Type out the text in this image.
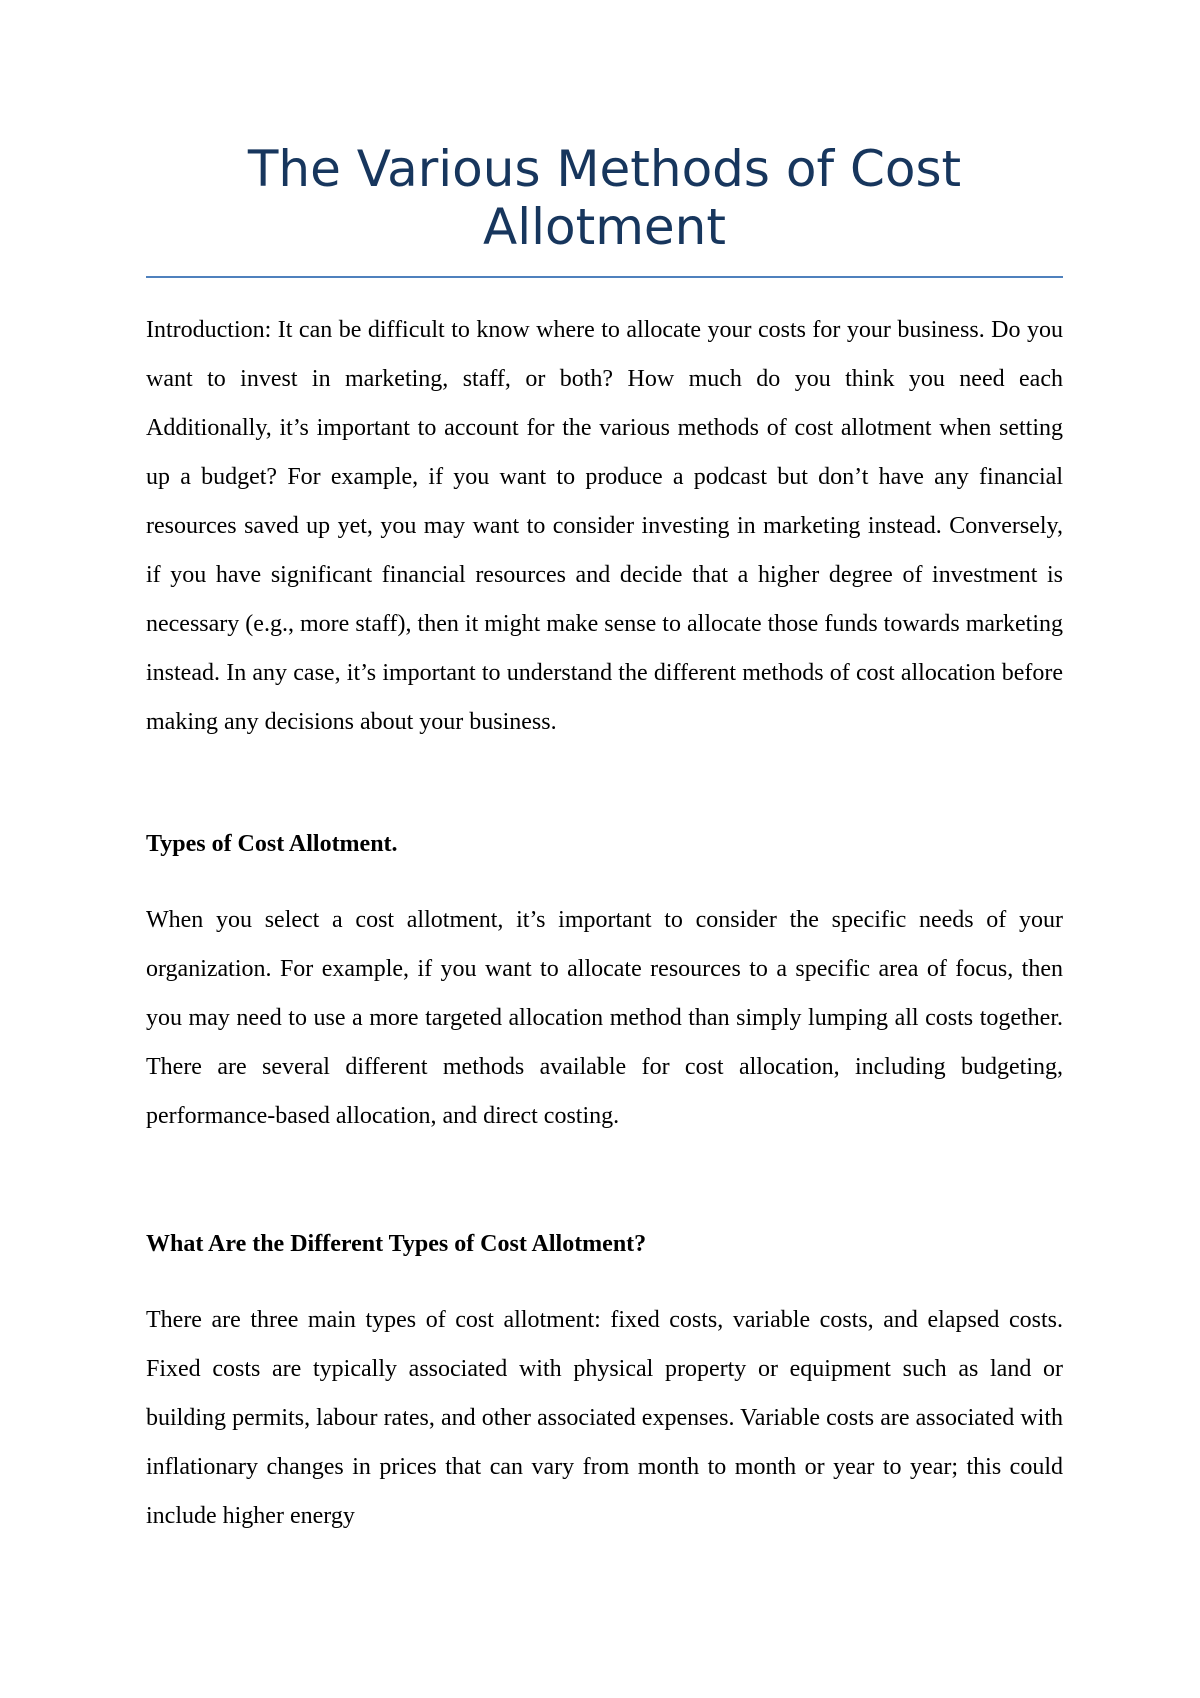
The Various Methods of Cost Allotment

Introduction: It can be difficult to know where to allocate your costs for your business. Do you want to invest in marketing, staff, or both? How much do you think you need each Additionally, it’s important to account for the various methods of cost allotment when setting up a budget? For example, if you want to produce a podcast but don’t have any financial resources saved up yet, you may want to consider investing in marketing instead. Conversely, if you have significant financial resources and decide that a higher degree of investment is necessary (e.g., more staff), then it might make sense to allocate those funds towards marketing instead. In any case, it’s important to understand the different methods of cost allocation before making any decisions about your business.

Types of Cost Allotment.

When you select a cost allotment, it’s important to consider the specific needs of your organization. For example, if you want to allocate resources to a specific area of focus, then you may need to use a more targeted allocation method than simply lumping all costs together. There are several different methods available for cost allocation, including budgeting, performance-based allocation, and direct costing.

What Are the Different Types of Cost Allotment?

There are three main types of cost allotment: fixed costs, variable costs, and elapsed costs. Fixed costs are typically associated with physical property or equipment such as land or building permits, labour rates, and other associated expenses. Variable costs are associated with inflationary changes in prices that can vary from month to month or year to year; this could include higher energy
